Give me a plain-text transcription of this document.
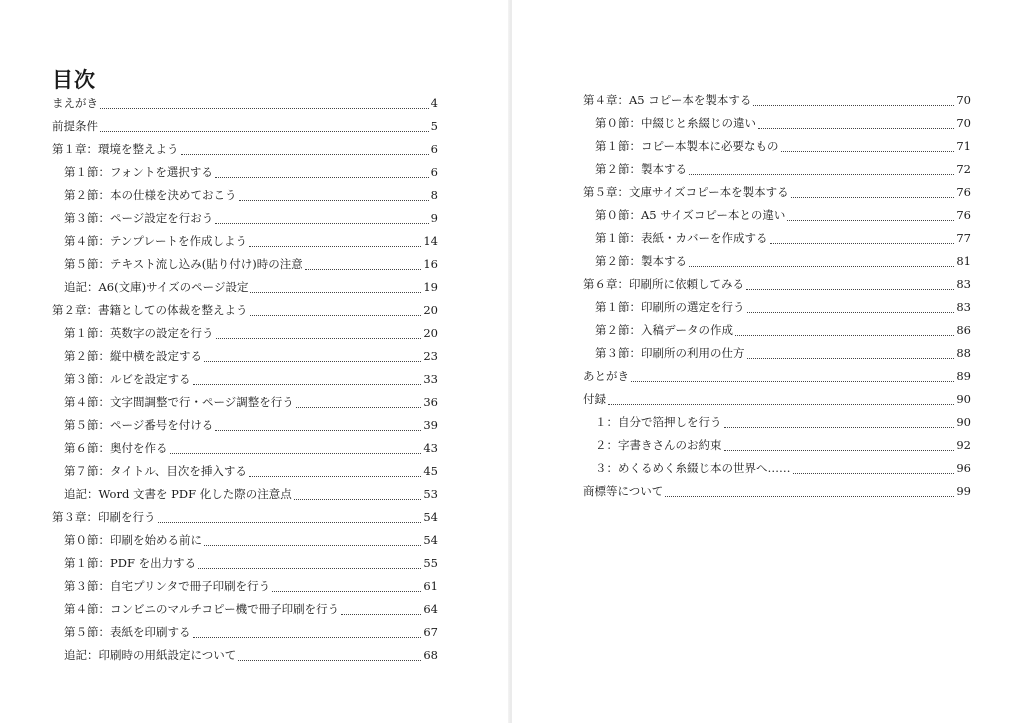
目次
まえがき	4
前提条件	5
第１章：環境を整えよう	6
第１節：フォントを選択する	6
第２節：本の仕様を決めておこう	8
第３節：ページ設定を行おう	9
第４節：テンプレートを作成しよう	14
第５節：テキスト流し込み(貼り付け)時の注意	16
追記：A6(文庫)サイズのページ設定	19
第２章：書籍としての体裁を整えよう	20
第１節：英数字の設定を行う	20
第２節：縦中横を設定する	23
第３節：ルビを設定する	33
第４節：文字間調整で行・ページ調整を行う	36
第５節：ページ番号を付ける	39
第６節：奥付を作る	43
第７節：タイトル、目次を挿入する	45
追記：Word 文書を PDF 化した際の注意点	53
第３章：印刷を行う	54
第０節：印刷を始める前に	54
第１節：PDF を出力する	55
第３節：自宅プリンタで冊子印刷を行う	61
第４節：コンビニのマルチコピー機で冊子印刷を行う	64
第５節：表紙を印刷する	67
追記：印刷時の用紙設定について	68
第４章：A5 コピー本を製本する	70
第０節：中綴じと糸綴じの違い	70
第１節：コピー本製本に必要なもの	71
第２節：製本する	72
第５章：文庫サイズコピー本を製本する	76
第０節：A5 サイズコピー本との違い	76
第１節：表紙・カバーを作成する	77
第２節：製本する	81
第６章：印刷所に依頼してみる	83
第１節：印刷所の選定を行う	83
第２節：入稿データの作成	86
第３節：印刷所の利用の仕方	88
あとがき	89
付録	90
１：自分で箔押しを行う	90
２：字書きさんのお約束	92
３：めくるめく糸綴じ本の世界へ……	96
商標等について	99
